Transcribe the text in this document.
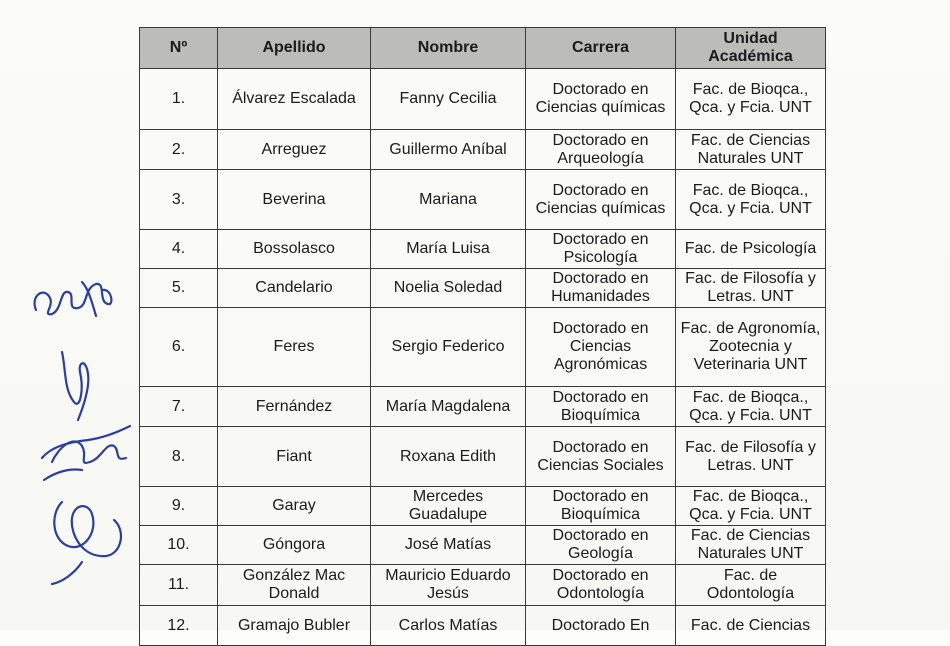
Nº	Apellido	Nombre	Carrera	Unidad Académica
1.	Álvarez Escalada	Fanny Cecilia	Doctorado en Ciencias químicas	Fac. de Bioqca., Qca. y Fcia. UNT
2.	Arreguez	Guillermo Aníbal	Doctorado en Arqueología	Fac. de Ciencias Naturales UNT
3.	Beverina	Mariana	Doctorado en Ciencias químicas	Fac. de Bioqca., Qca. y Fcia. UNT
4.	Bossolasco	María Luisa	Doctorado en Psicología	Fac. de Psicología
5.	Candelario	Noelia Soledad	Doctorado en Humanidades	Fac. de Filosofía y Letras. UNT
6.	Feres	Sergio Federico	Doctorado en Ciencias Agronómicas	Fac. de Agronomía, Zootecnia y Veterinaria UNT
7.	Fernández	María Magdalena	Doctorado en Bioquímica	Fac. de Bioqca., Qca. y Fcia. UNT
8.	Fiant	Roxana Edith	Doctorado en Ciencias Sociales	Fac. de Filosofía y Letras. UNT
9.	Garay	Mercedes Guadalupe	Doctorado en Bioquímica	Fac. de Bioqca., Qca. y Fcia. UNT
10.	Góngora	José Matías	Doctorado en Geología	Fac. de Ciencias Naturales UNT
11.	González Mac Donald	Mauricio Eduardo Jesús	Doctorado en Odontología	Fac. de Odontología
12.	Gramajo Bubler	Carlos Matías	Doctorado En	Fac. de Ciencias
